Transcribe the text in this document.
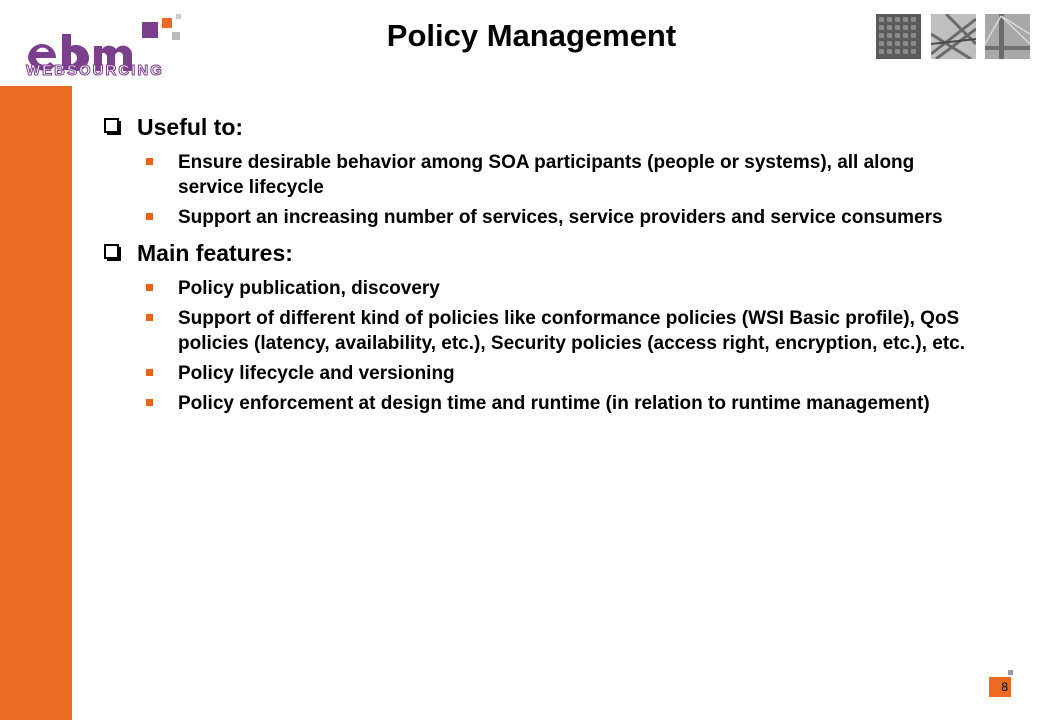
WEBSOURCING
Policy Management
Useful to:
Ensure desirable behavior among SOA participants (people or systems), all along service lifecycle
Support an increasing number of services, service providers and service consumers
Main features:
Policy publication, discovery
Support of different kind of policies like conformance policies (WSI Basic profile), QoS policies (latency, availability, etc.), Security policies (access right, encryption, etc.), etc.
Policy lifecycle and versioning
Policy enforcement at design time and runtime (in relation to runtime management)
8
